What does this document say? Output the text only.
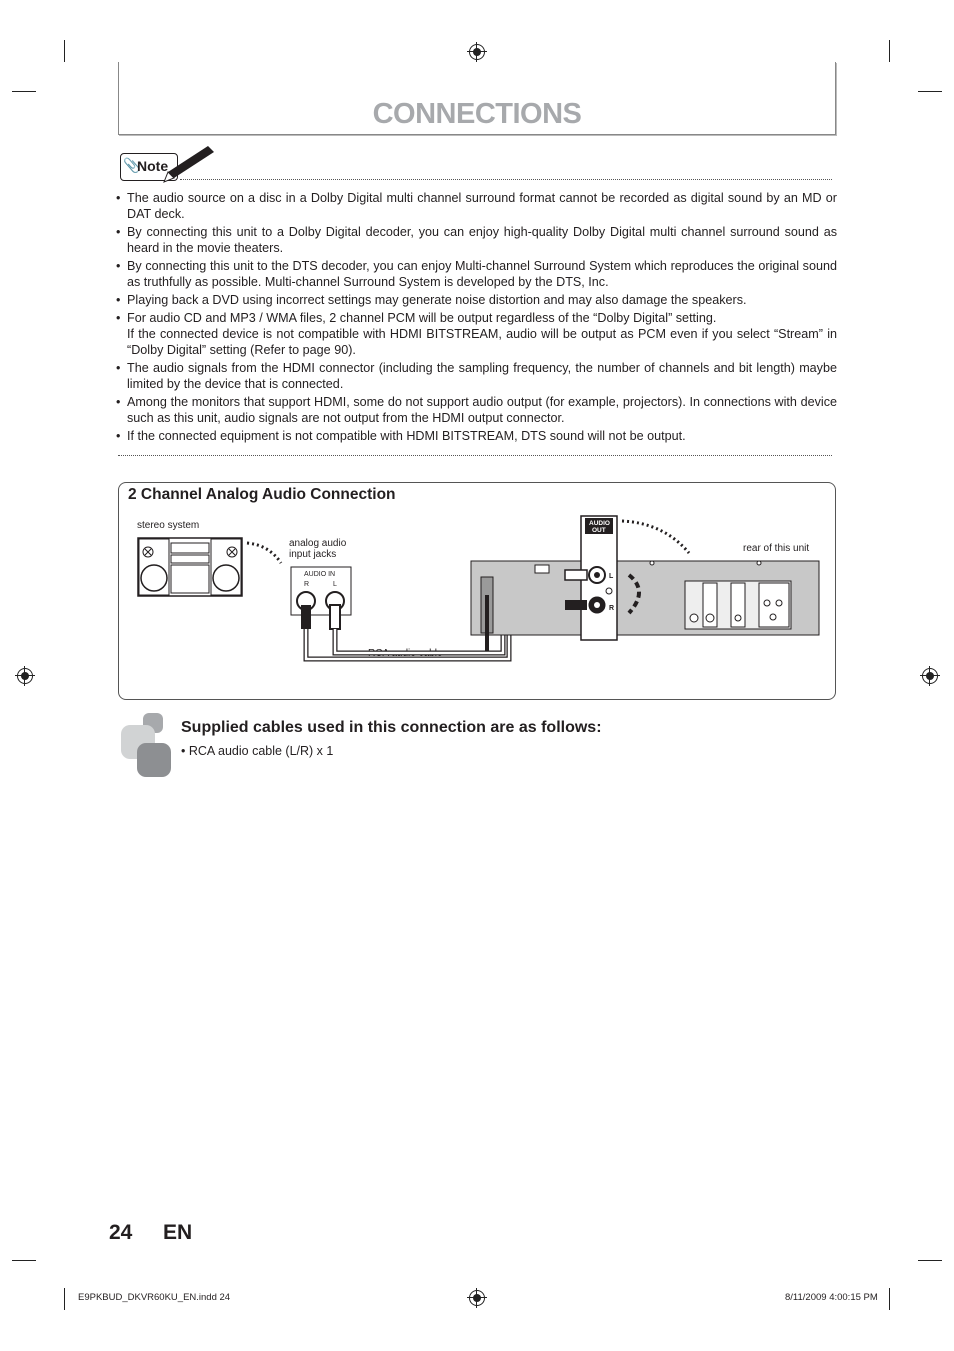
CONNECTIONS
📎
Note
• The audio source on a disc in a Dolby Digital multi channel surround format cannot be recorded as digital sound by an MD or DAT deck.
• By connecting this unit to a Dolby Digital decoder, you can enjoy high-quality Dolby Digital multi channel surround sound as heard in the movie theaters.
• By connecting this unit to the DTS decoder, you can enjoy Multi-channel Surround System which reproduces the original sound as truthfully as possible. Multi-channel Surround System is developed by the DTS, Inc.
• Playing back a DVD using incorrect settings may generate noise distortion and may also damage the speakers.
• For audio CD and MP3 / WMA files, 2 channel PCM will be output regardless of the “Dolby Digital” setting.
If the connected device is not compatible with HDMI BITSTREAM, audio will be output as PCM even if you select “Stream” in “Dolby Digital” setting (Refer to page 90).
• The audio signals from the HDMI connector (including the sampling frequency, the number of channels and bit length) maybe limited by the device that is connected.
• Among the monitors that support HDMI, some do not support audio output (for example, projectors). In connections with device such as this unit, audio signals are not output from the HDMI output connector.
• If the connected equipment is not compatible with HDMI BITSTREAM, DTS sound will not be output.
2 Channel Analog Audio Connection
stereo system
analog audio
input jacks
rear of this unit
RCA audio cable
AUDIO IN
R	L
AUDIO
OUT
L
R
Supplied cables used in this connection are as follows:
• RCA audio cable (L/R) x 1
24 EN
E9PKBUD_DKVR60KU_EN.indd 24	8/11/2009 4:00:15 PM
